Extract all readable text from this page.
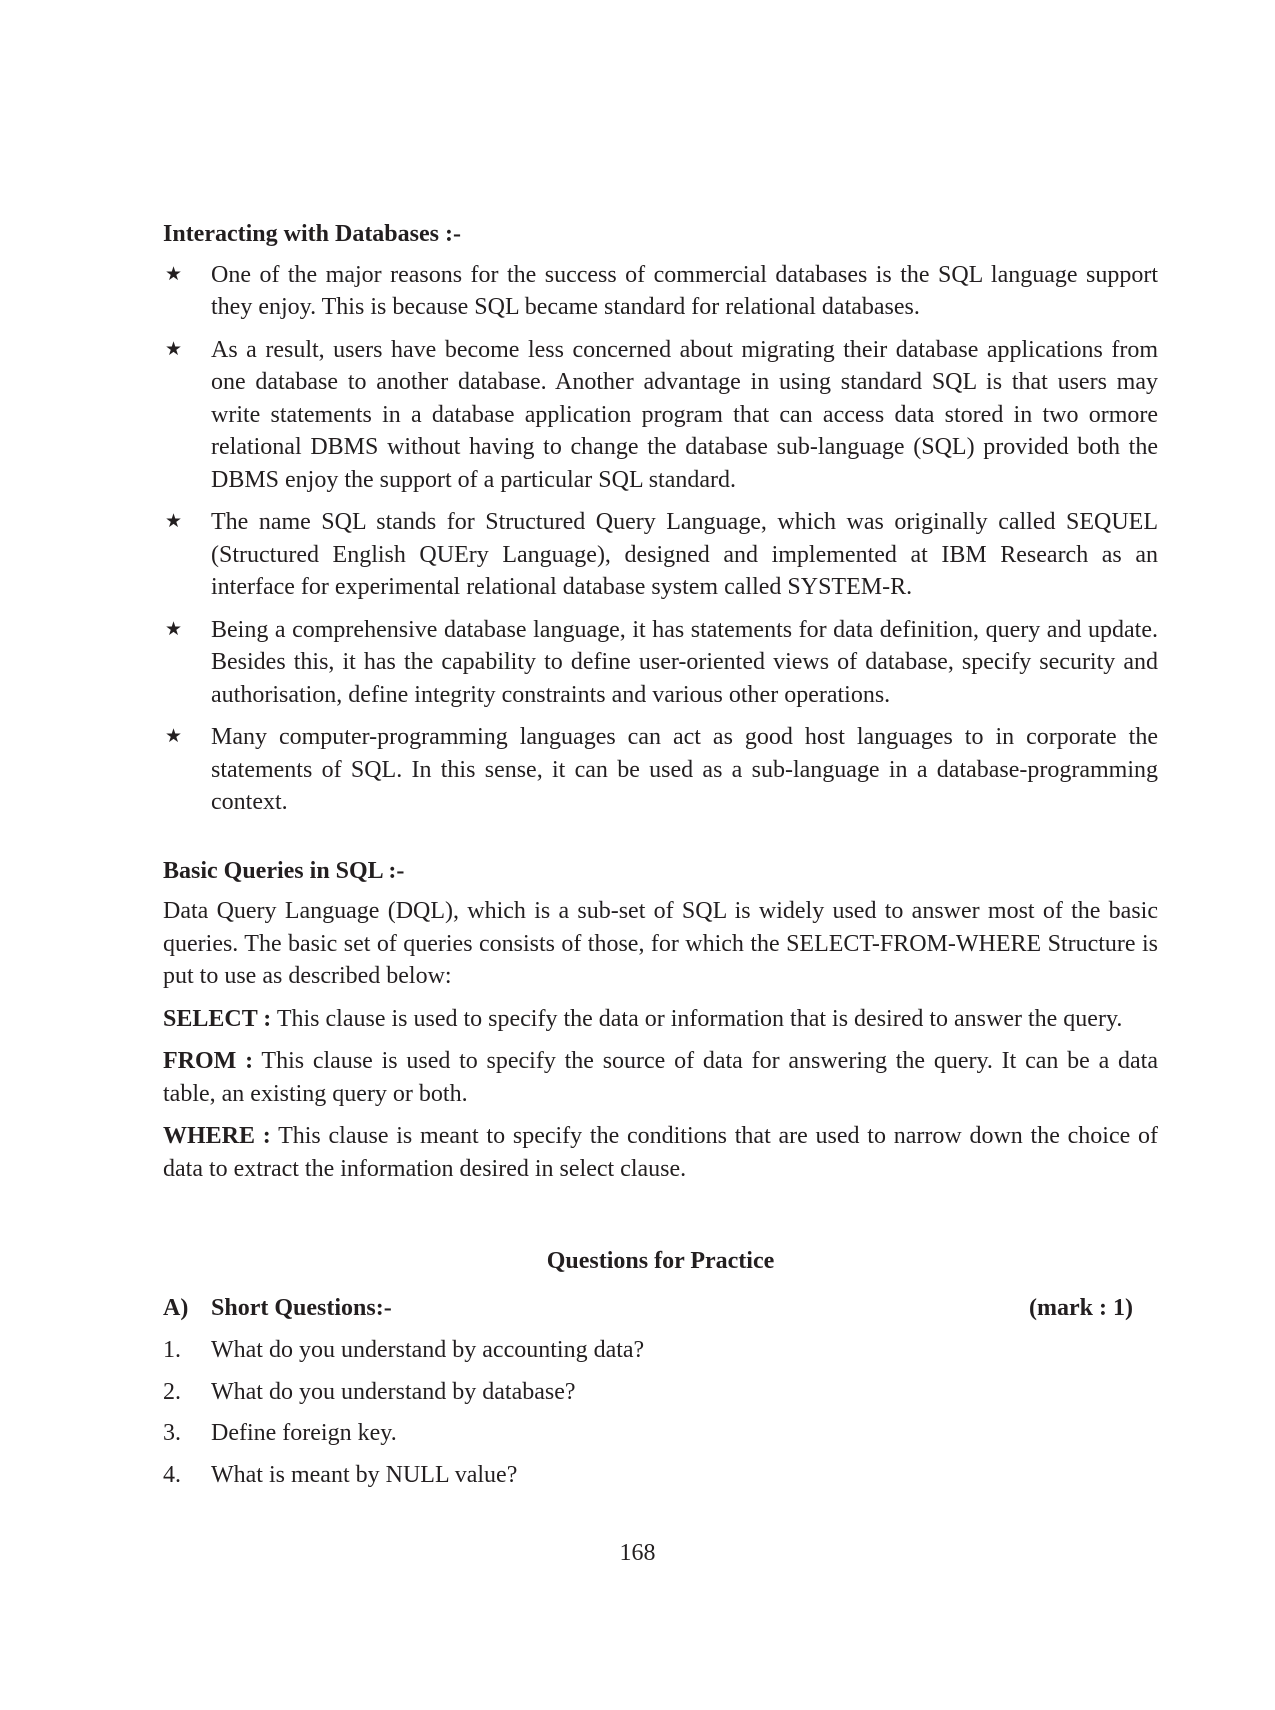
Interacting with Databases :-
★ One of the major reasons for the success of commercial databases is the SQL language support they enjoy. This is because SQL became standard for relational databases.
★ As a result, users have become less concerned about migrating their database applications from one database to another database. Another advantage in using standard SQL is that users may write statements in a database application program that can access data stored in two ormore relational DBMS without having to change the database sub-language (SQL) provided both the DBMS enjoy the support of a particular SQL standard.
★ The name SQL stands for Structured Query Language, which was originally called SEQUEL (Structured English QUEry Language), designed and implemented at IBM Research as an interface for experimental relational database system called SYSTEM-R.
★ Being a comprehensive database language, it has statements for data definition, query and update. Besides this, it has the capability to define user-oriented views of database, specify security and authorisation, define integrity constraints and various other operations.
★ Many computer-programming languages can act as good host languages to in corporate the statements of SQL. In this sense, it can be used as a sub-language in a database-programming context.
Basic Queries in SQL :-

Data Query Language (DQL), which is a sub-set of SQL is widely used to answer most of the basic queries. The basic set of queries consists of those, for which the SELECT-FROM-WHERE Structure is put to use as described below:

SELECT : This clause is used to specify the data or information that is desired to answer the query.

FROM : This clause is used to specify the source of data for answering the query. It can be a data table, an existing query or both.

WHERE : This clause is meant to specify the conditions that are used to narrow down the choice of data to extract the information desired in select clause.

Questions for Practice
A) Short Questions:-	(mark : 1)
1.	What do you understand by accounting data?
2.	What do you understand by database?
3.	Define foreign key.
4.	What is meant by NULL value?
168
